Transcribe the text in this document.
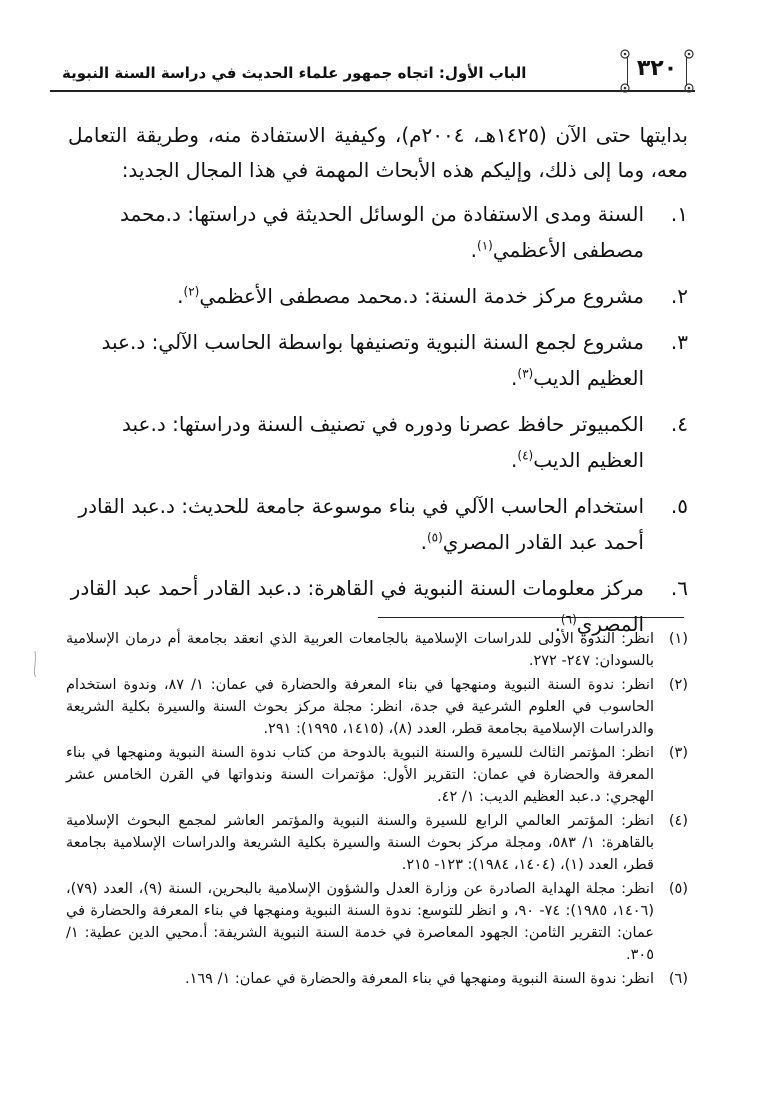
٣٢٠
الباب الأول: اتجاه جمهور علماء الحديث في دراسة السنة النبوية
بدايتها حتى الآن (١٤٢٥هـ، ٢٠٠٤م)، وكيفية الاستفادة منه، وطريقة التعامل معه، وما إلى ذلك، وإليكم هذه الأبحاث المهمة في هذا المجال الجديد:
١.
السنة ومدى الاستفادة من الوسائل الحديثة في دراستها: د.محمد مصطفى الأعظمي$^{(١)}$.
٢.
مشروع مركز خدمة السنة: د.محمد مصطفى الأعظمي$^{(٢)}$.
٣.
مشروع لجمع السنة النبوية وتصنيفها بواسطة الحاسب الآلي: د.عبد العظيم الديب$^{(٣)}$.
٤.
الكمبيوتر حافظ عصرنا ودوره في تصنيف السنة ودراستها: د.عبد العظيم الديب$^{(٤)}$.
٥.
استخدام الحاسب الآلي في بناء موسوعة جامعة للحديث: د.عبد القادر أحمد عبد القادر المصري$^{(٥)}$.
٦.
مركز معلومات السنة النبوية في القاهرة: د.عبد القادر أحمد عبد القادر المصري$^{(٦)}$.
(١)
انظر: الندوة الأولى للدراسات الإسلامية بالجامعات العربية الذي انعقد بجامعة أم درمان الإسلامية بالسودان: ٢٤٧- ٢٧٢.
(٢)
انظر: ندوة السنة النبوية ومنهجها في بناء المعرفة والحضارة في عمان: ١/ ٨٧، وندوة استخدام الحاسوب في العلوم الشرعية في جدة، انظر: مجلة مركز بحوث السنة والسيرة بكلية الشريعة والدراسات الإسلامية بجامعة قطر، العدد (٨)، (١٤١٥، ١٩٩٥): ٢٩١.
(٣)
انظر: المؤتمر الثالث للسيرة والسنة النبوية بالدوحة من كتاب ندوة السنة النبوية ومنهجها في بناء المعرفة والحضارة في عمان: التقرير الأول: مؤتمرات السنة وندواتها في القرن الخامس عشر الهجري: د.عبد العظيم الديب: ١/ ٤٢.
(٤)
انظر: المؤتمر العالمي الرابع للسيرة والسنة النبوية والمؤتمر العاشر لمجمع البحوث الإسلامية بالقاهرة: ١/ ٥٨٣، ومجلة مركز بحوث السنة والسيرة بكلية الشريعة والدراسات الإسلامية بجامعة قطر، العدد (١)، (١٤٠٤، ١٩٨٤): ١٢٣- ٢١٥.
(٥)
انظر: مجلة الهداية الصادرة عن وزارة العدل والشؤون الإسلامية بالبحرين، السنة (٩)، العدد (٧٩)، (١٤٠٦، ١٩٨٥): ٧٤- ٩٠، و انظر للتوسع: ندوة السنة النبوية ومنهجها في بناء المعرفة والحضارة في عمان: التقرير الثامن: الجهود المعاصرة في خدمة السنة النبوية الشريفة: أ.محيي الدين عطية: ١/ ٣٠٥.
(٦)
انظر: ندوة السنة النبوية ومنهجها في بناء المعرفة والحضارة في عمان: ١/ ١٦٩.
